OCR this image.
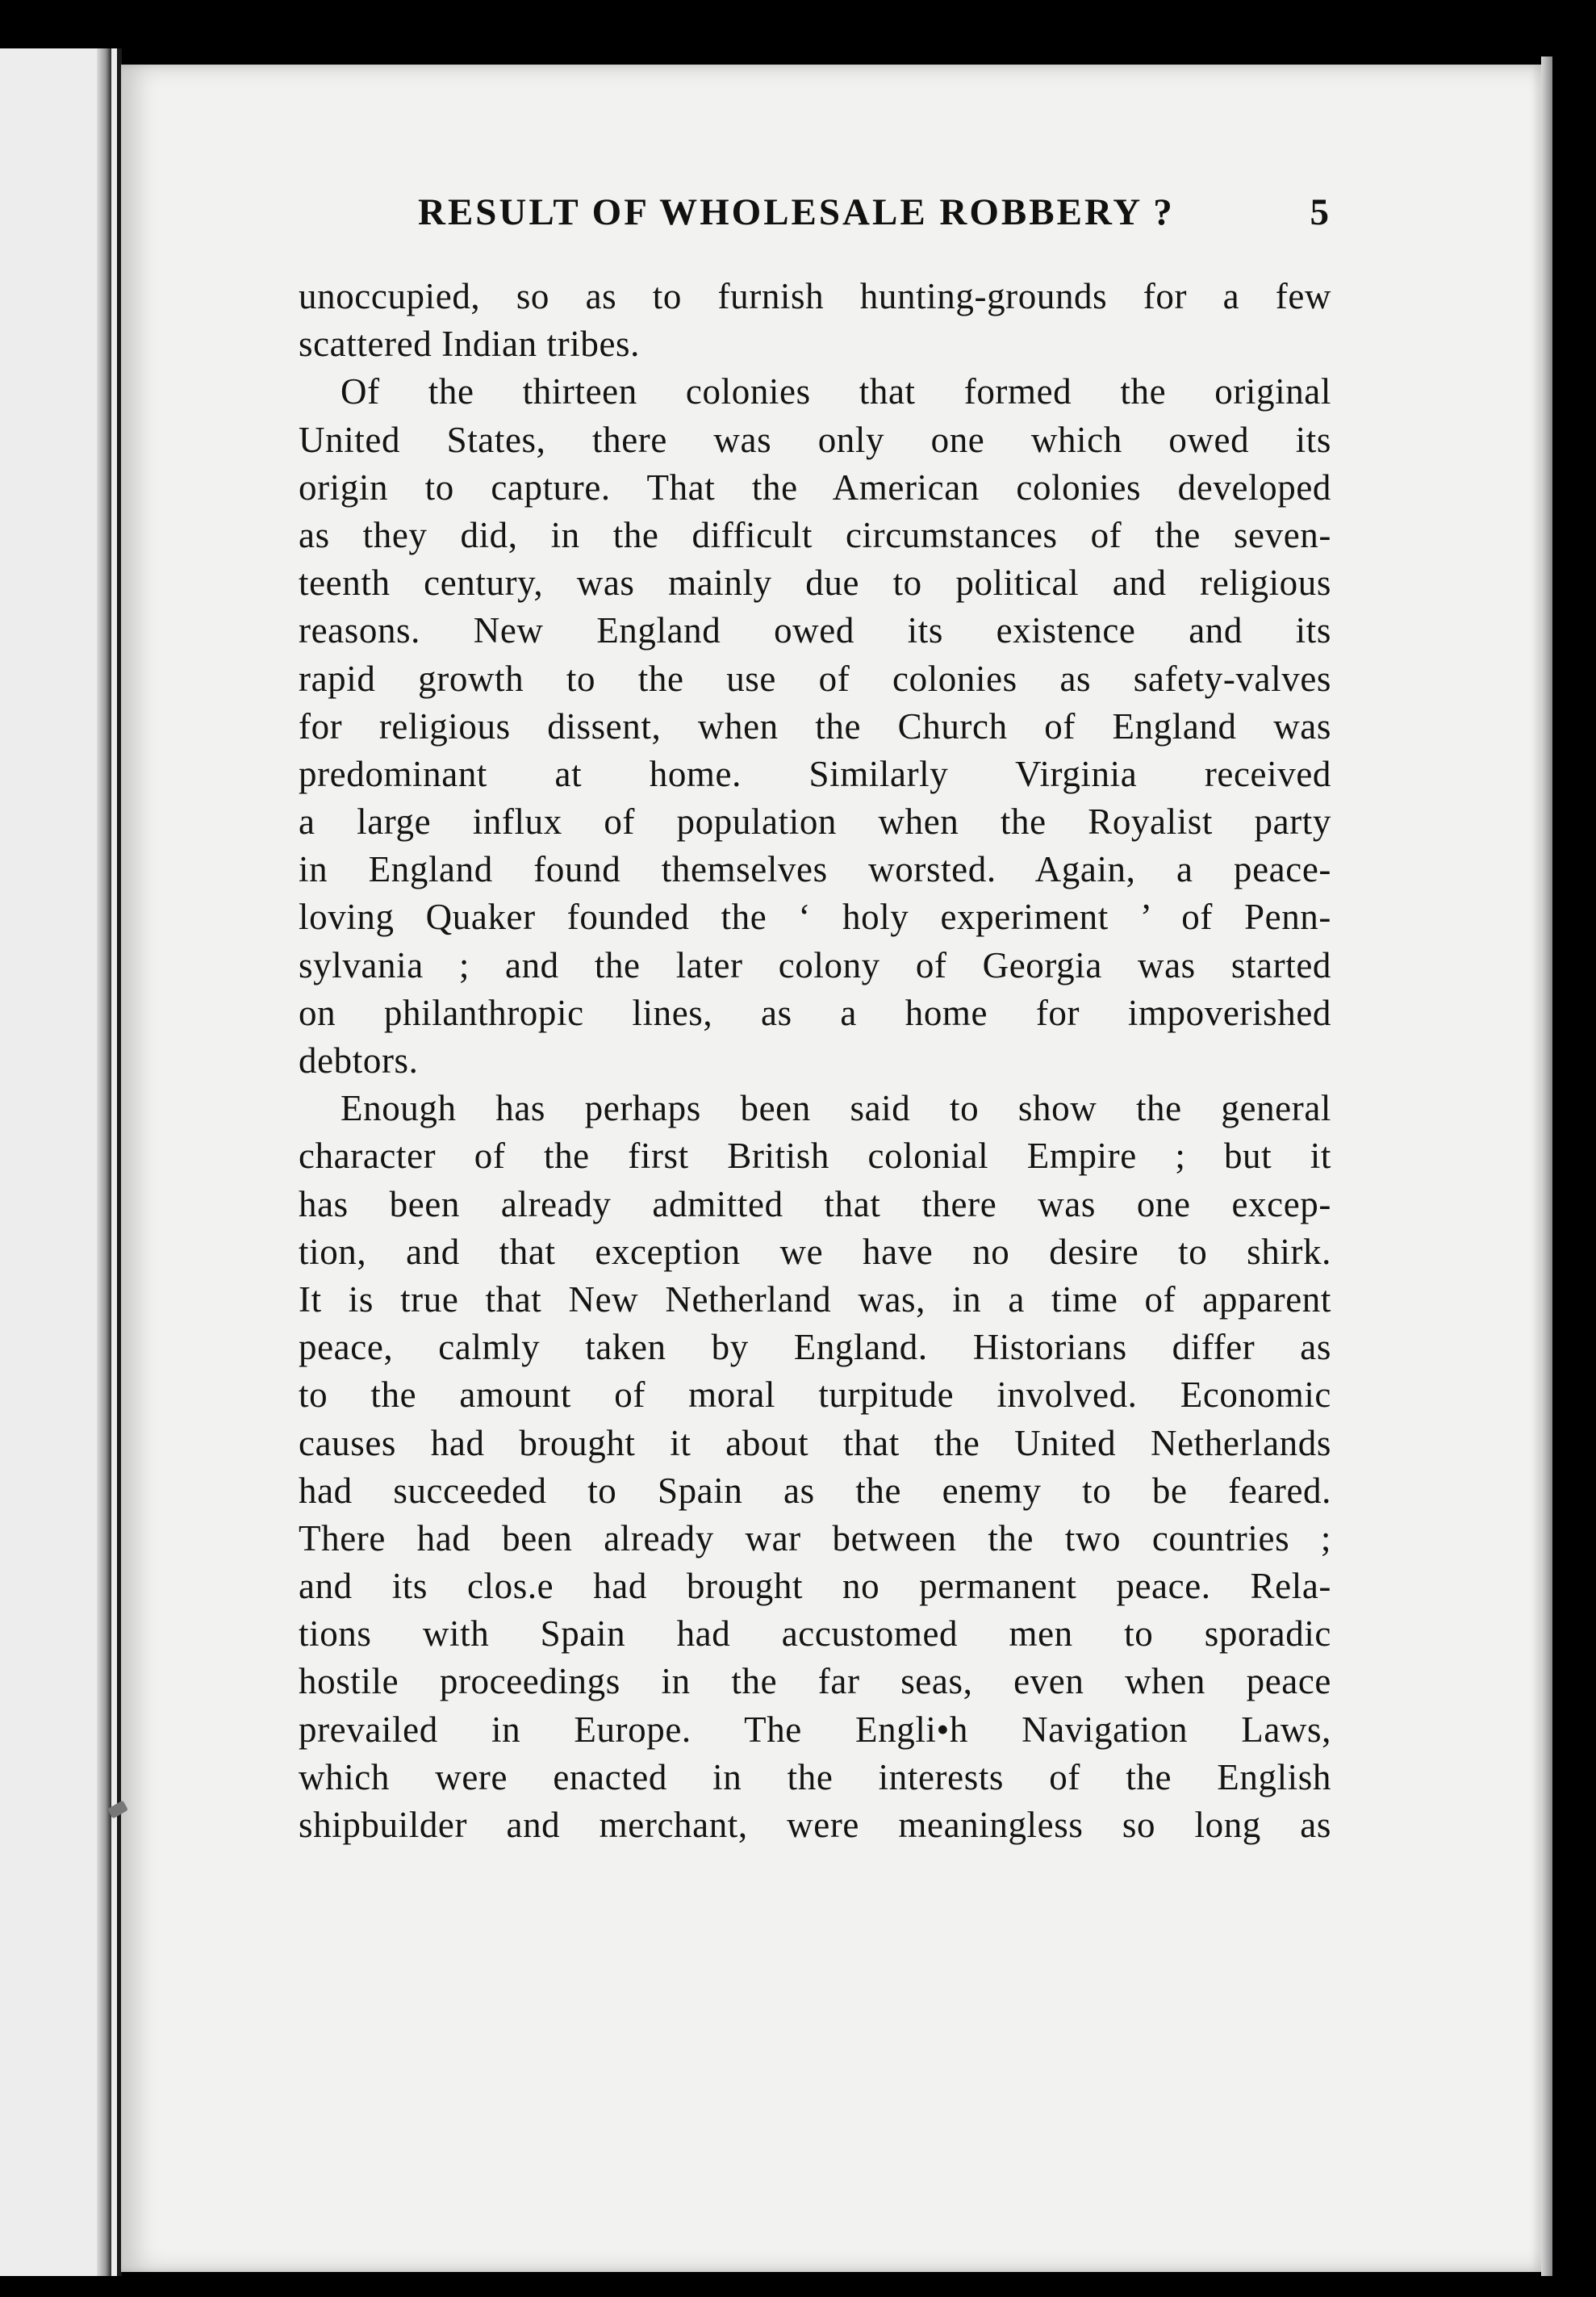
RESULT OF WHOLESALE ROBBERY ?	5
unoccupied, so as to furnish hunting-grounds for a few
scattered Indian tribes.
Of the thirteen colonies that formed the original
United States, there was only one which owed its
origin to capture. That the American colonies developed
as they did, in the difficult circumstances of the seven-
teenth century, was mainly due to political and religious
reasons. New England owed its existence and its
rapid growth to the use of colonies as safety-valves
for religious dissent, when the Church of England was
predominant at home. Similarly Virginia received
a large influx of population when the Royalist party
in England found themselves worsted. Again, a peace-
loving Quaker founded the ‘ holy experiment ’ of Penn-
sylvania ; and the later colony of Georgia was started
on philanthropic lines, as a home for impoverished
debtors.
Enough has perhaps been said to show the general
character of the first British colonial Empire ; but it
has been already admitted that there was one excep-
tion, and that exception we have no desire to shirk.
It is true that New Netherland was, in a time of apparent
peace, calmly taken by England. Historians differ as
to the amount of moral turpitude involved. Economic
causes had brought it about that the United Netherlands
had succeeded to Spain as the enemy to be feared.
There had been already war between the two countries ;
and its clos.e had brought no permanent peace. Rela-
tions with Spain had accustomed men to sporadic
hostile proceedings in the far seas, even when peace
prevailed in Europe. The Engli•h Navigation Laws,
which were enacted in the interests of the English
shipbuilder and merchant, were meaningless so long as
